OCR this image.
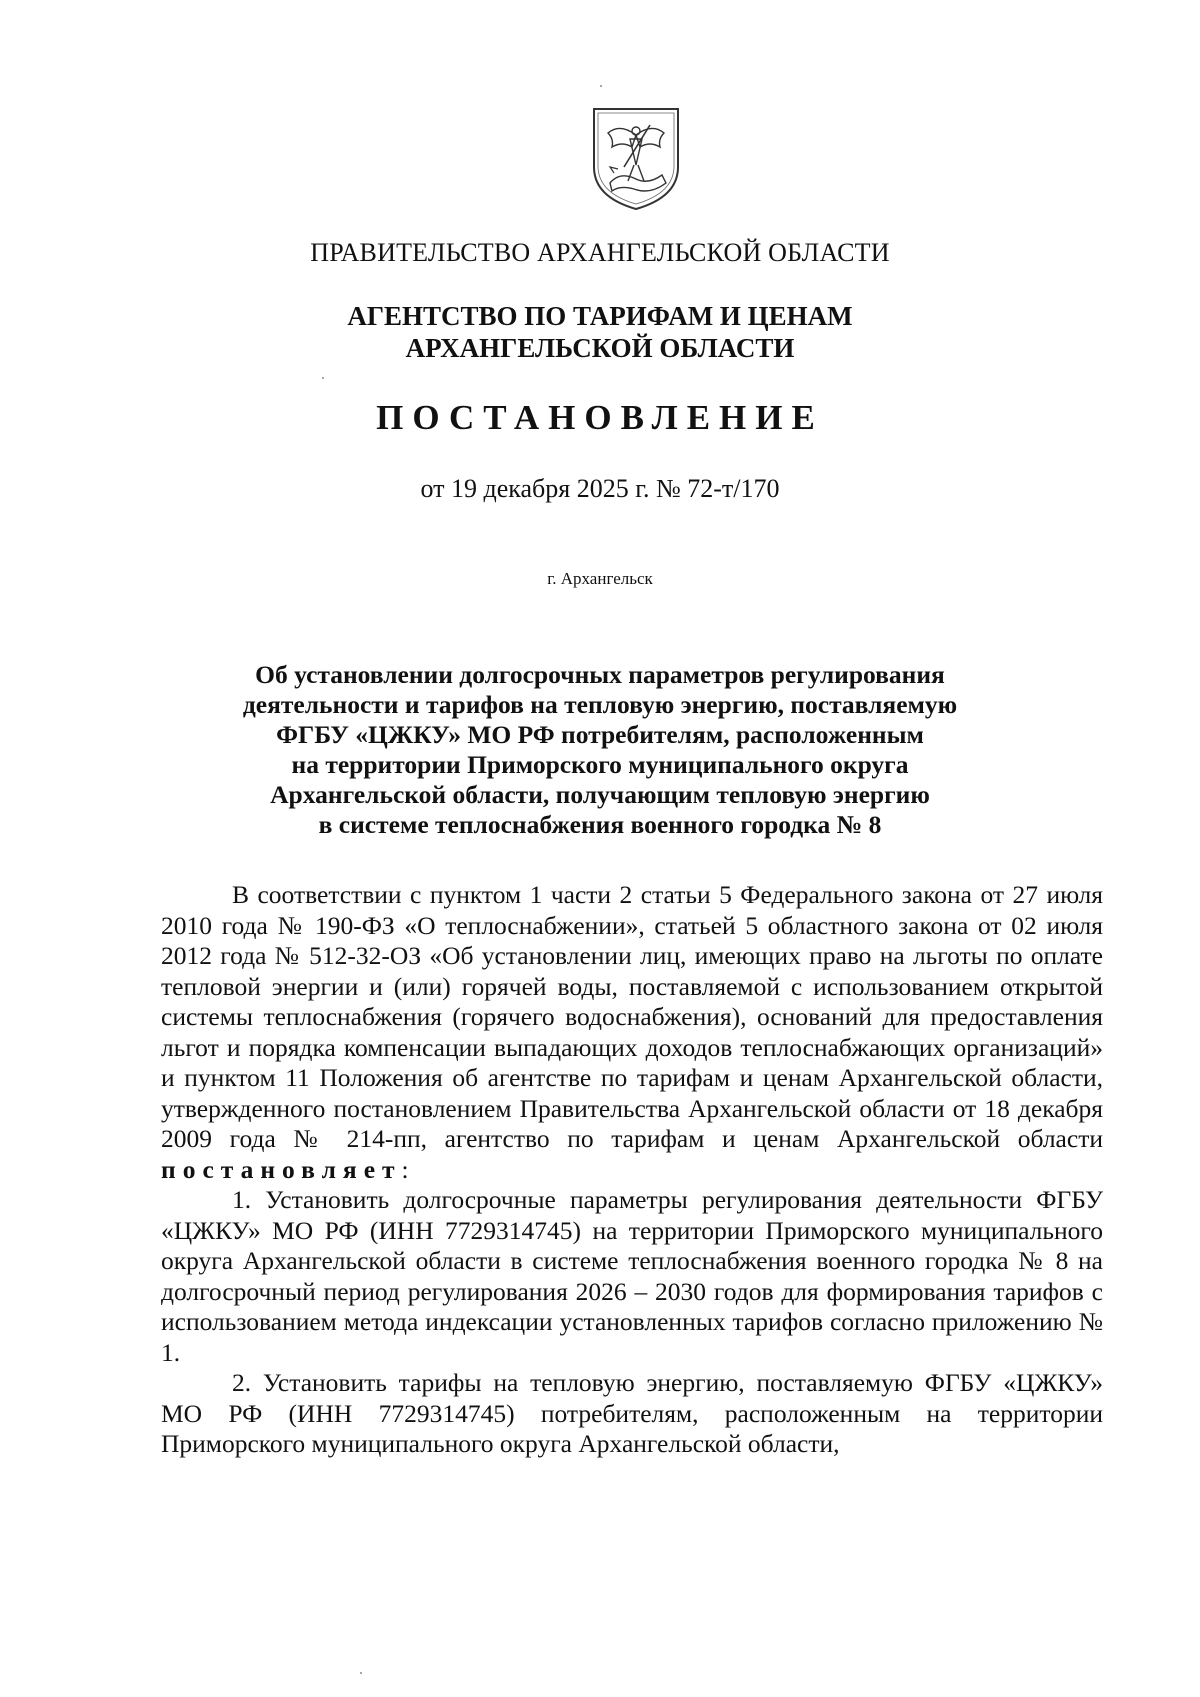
ПРАВИТЕЛЬСТВО АРХАНГЕЛЬСКОЙ ОБЛАСТИ
АГЕНТСТВО ПО ТАРИФАМ И ЦЕНАМ
АРХАНГЕЛЬСКОЙ ОБЛАСТИ
ПОСТАНОВЛЕНИЕ
от 19 декабря 2025 г. № 72-т/170
г. Архангельск
Об установлении долгосрочных параметров регулирования
деятельности и тарифов на тепловую энергию, поставляемую
ФГБУ «ЦЖКУ» МО РФ потребителям, расположенным
на территории Приморского муниципального округа
Архангельской области, получающим тепловую энергию
в системе теплоснабжения военного городка № 8

В соответствии с пунктом 1 части 2 статьи 5 Федерального закона от 27 июля 2010 года № 190-ФЗ «О теплоснабжении», статьей 5 областного закона от 02 июля 2012 года № 512-32-ОЗ «Об установлении лиц, имеющих право на льготы по оплате тепловой энергии и (или) горячей воды, поставляемой с использованием открытой системы теплоснабжения (горячего водоснабжения), оснований для предоставления льгот и порядка компенсации выпадающих доходов теплоснабжающих организаций» и пунктом 11 Положения об агентстве по тарифам и ценам Архангельской области, утвержденного постановлением Правительства Архангельской области от 18 декабря 2009 года № 214-пп, агентство по тарифам и ценам Архангельской области постановляет:

1. Установить долгосрочные параметры регулирования деятельности ФГБУ «ЦЖКУ» МО РФ (ИНН 7729314745) на территории Приморского муниципального округа Архангельской области в системе теплоснабжения военного городка № 8 на долгосрочный период регулирования 2026 – 2030 годов для формирования тарифов с использованием метода индексации установленных тарифов согласно приложению № 1.

2. Установить тарифы на тепловую энергию, поставляемую ФГБУ «ЦЖКУ» МО РФ (ИНН 7729314745) потребителям, расположенным на территории Приморского муниципального округа Архангельской области,
